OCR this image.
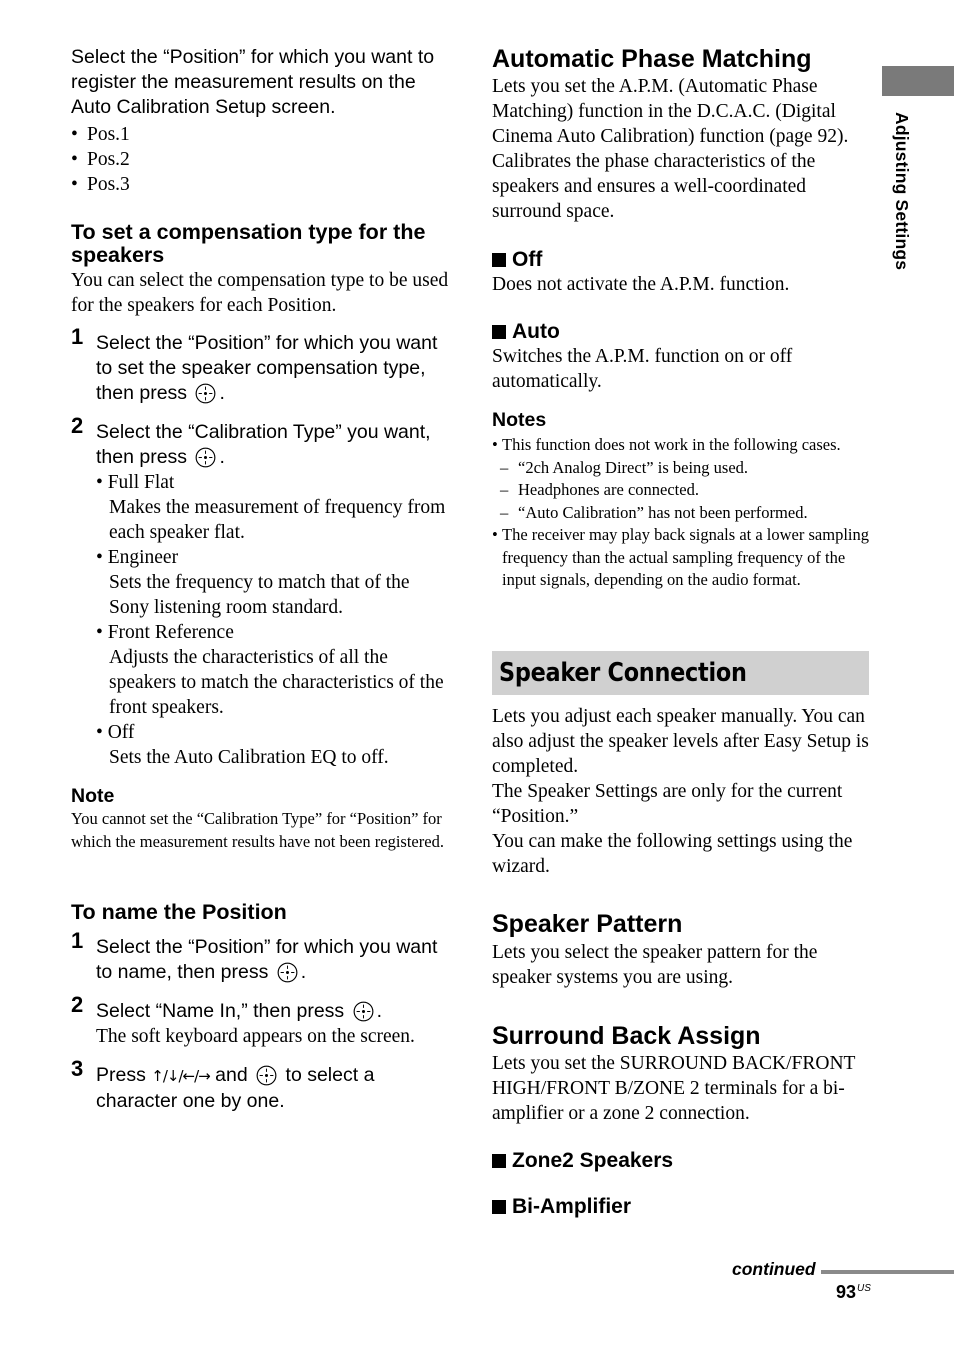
Adjusting Settings

Select the “Position” for which you want to register the measurement results on the Auto Calibration Setup screen.

• Pos.1
• Pos.2
• Pos.3
To set a compensation type for the speakers

You can select the compensation type to be used for the speakers for each Position.

1 Select the “Position” for which you want to set the speaker compensation type, then press .
2 Select the “Calibration Type” you want, then press .

• Full Flat

Makes the measurement of frequency from each speaker flat.

• Engineer

Sets the frequency to match that of the Sony listening room standard.

• Front Reference

Adjusts the characteristics of all the speakers to match the characteristics of the front speakers.

• Off

Sets the Auto Calibration EQ to off.

Note

You cannot set the “Calibration Type” for “Position” for which the measurement results have not been registered.

To name the Position
1 Select the “Position” for which you want to name, then press .
2 Select “Name In,” then press .

The soft keyboard appears on the screen.

3 Press ↑/↓/←/→ and to select a character one by one.
Automatic Phase Matching

Lets you set the A.P.M. (Automatic Phase Matching) function in the D.C.A.C. (Digital Cinema Auto Calibration) function (page 92). Calibrates the phase characteristics of the speakers and ensures a well-coordinated surround space.

Off

Does not activate the A.P.M. function.

Auto

Switches the A.P.M. function on or off automatically.

Notes
• This function does not work in the following cases.
– “2ch Analog Direct” is being used.
– Headphones are connected.
– “Auto Calibration” has not been performed.
• The receiver may play back signals at a lower sampling frequency than the actual sampling frequency of the input signals, depending on the audio format.
Speaker Connection

Lets you adjust each speaker manually. You can also adjust the speaker levels after Easy Setup is completed.

The Speaker Settings are only for the current “Position.”

You can make the following settings using the wizard.

Speaker Pattern

Lets you select the speaker pattern for the speaker systems you are using.

Surround Back Assign

Lets you set the SURROUND BACK/FRONT HIGH/FRONT B/ZONE 2 terminals for a bi-amplifier or a zone 2 connection.

Zone2 Speakers
Bi-Amplifier
continued
$93^{US}$
